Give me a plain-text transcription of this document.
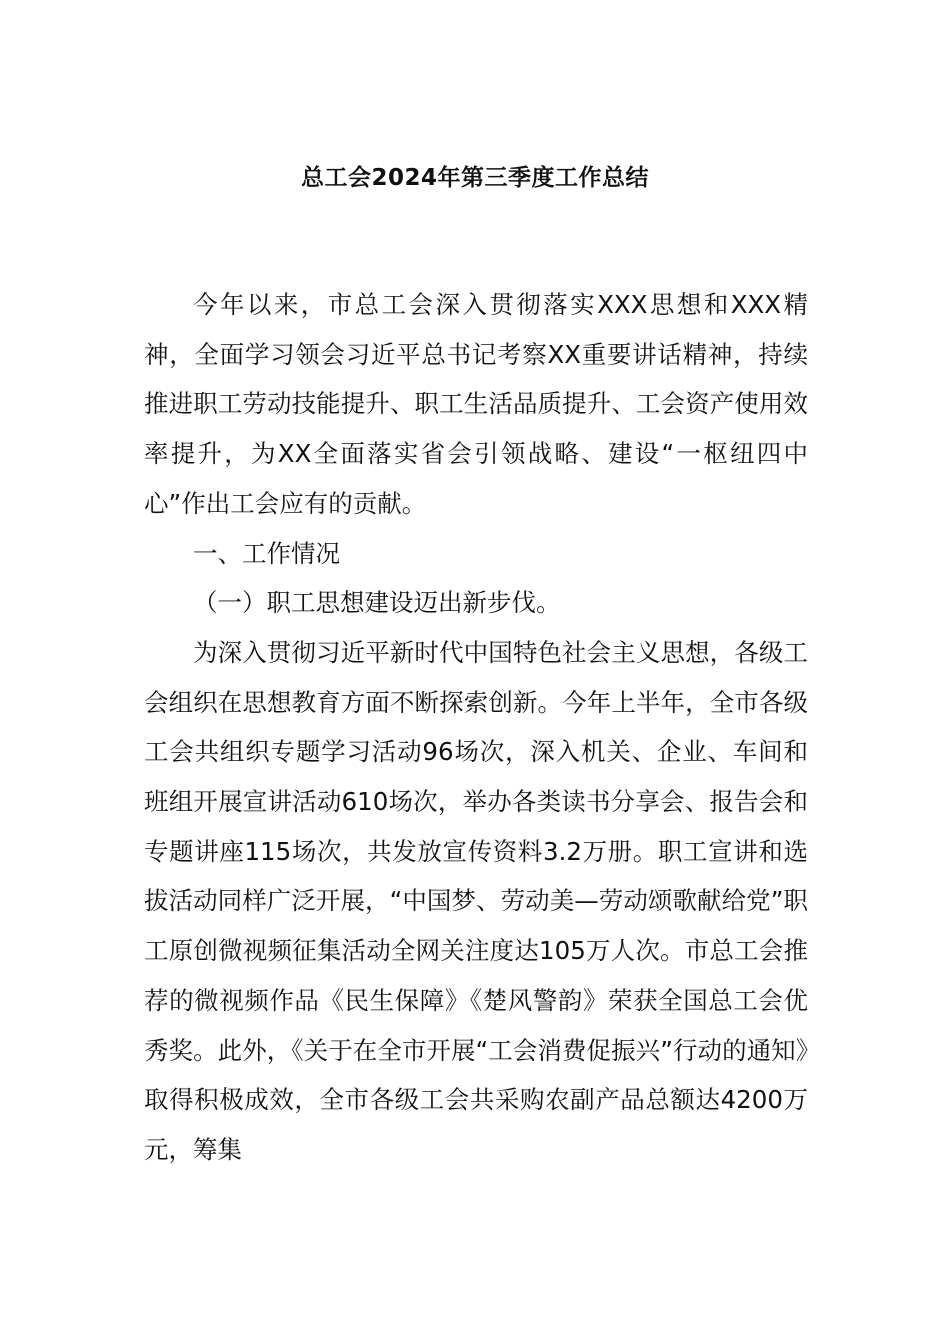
总工会2024年第三季度工作总结

今年以来，市总工会深入贯彻落实XXX思想和XXX精神，全面学习领会习近平总书记考察XX重要讲话精神，持续推进职工劳动技能提升、职工生活品质提升、工会资产使用效率提升，为XX全面落实省会引领战略、建设“一枢纽四中心”作出工会应有的贡献。

一、工作情况

（一）职工思想建设迈出新步伐。

为深入贯彻习近平新时代中国特色社会主义思想，各级工会组织在思想教育方面不断探索创新。今年上半年，全市各级工会共组织专题学习活动96场次，深入机关、企业、车间和班组开展宣讲活动610场次，举办各类读书分享会、报告会和专题讲座115场次，共发放宣传资料3.2万册。职工宣讲和选拔活动同样广泛开展，“中国梦、劳动美—劳动颂歌献给党”职工原创微视频征集活动全网关注度达105万人次。市总工会推荐的微视频作品《民生保障》《楚风警韵》荣获全国总工会优秀奖。此外，《关于在全市开展“工会消费促振兴”行动的通知》取得积极成效，全市各级工会共采购农副产品总额达4200万元，筹集
